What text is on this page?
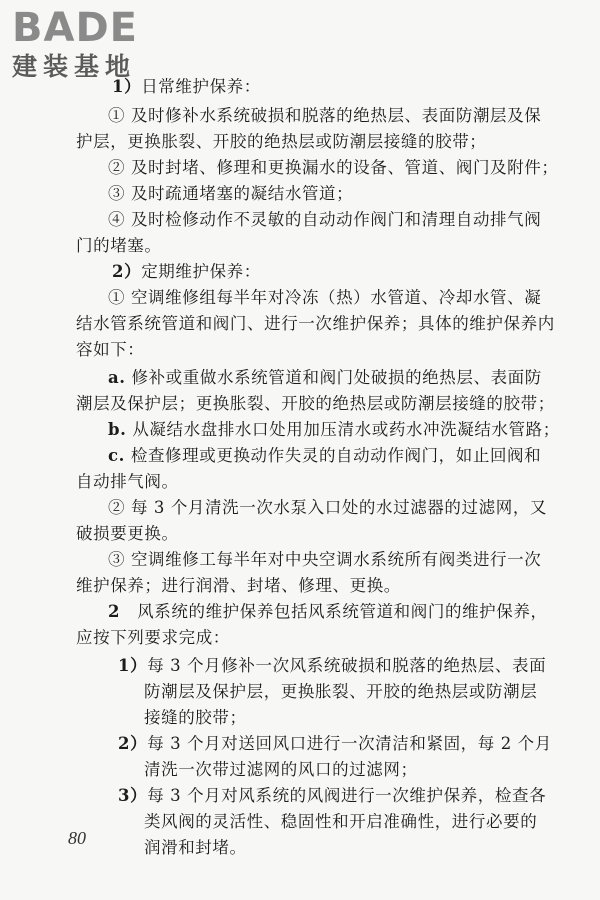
BADE
建装基地
1）日常维护保养：
① 及时修补水系统破损和脱落的绝热层、表面防潮层及保
护层，更换胀裂、开胶的绝热层或防潮层接缝的胶带；
② 及时封堵、修理和更换漏水的设备、管道、阀门及附件；
③ 及时疏通堵塞的凝结水管道；
④ 及时检修动作不灵敏的自动动作阀门和清理自动排气阀
门的堵塞。
2）定期维护保养：
① 空调维修组每半年对冷冻（热）水管道、冷却水管、凝
结水管系统管道和阀门、进行一次维护保养；具体的维护保养内
容如下：
a. 修补或重做水系统管道和阀门处破损的绝热层、表面防
潮层及保护层；更换胀裂、开胶的绝热层或防潮层接缝的胶带；
b. 从凝结水盘排水口处用加压清水或药水冲洗凝结水管路；
c. 检查修理或更换动作失灵的自动动作阀门，如止回阀和
自动排气阀。
② 每 3 个月清洗一次水泵入口处的水过滤器的过滤网，又
破损要更换。
③ 空调维修工每半年对中央空调水系统所有阀类进行一次
维护保养；进行润滑、封堵、修理、更换。
2　风系统的维护保养包括风系统管道和阀门的维护保养，
应按下列要求完成：
1）每 3 个月修补一次风系统破损和脱落的绝热层、表面
防潮层及保护层，更换胀裂、开胶的绝热层或防潮层
接缝的胶带；
2）每 3 个月对送回风口进行一次清洁和紧固，每 2 个月
清洗一次带过滤网的风口的过滤网；
3）每 3 个月对风系统的风阀进行一次维护保养，检查各
类风阀的灵活性、稳固性和开启准确性，进行必要的
润滑和封堵。
80
